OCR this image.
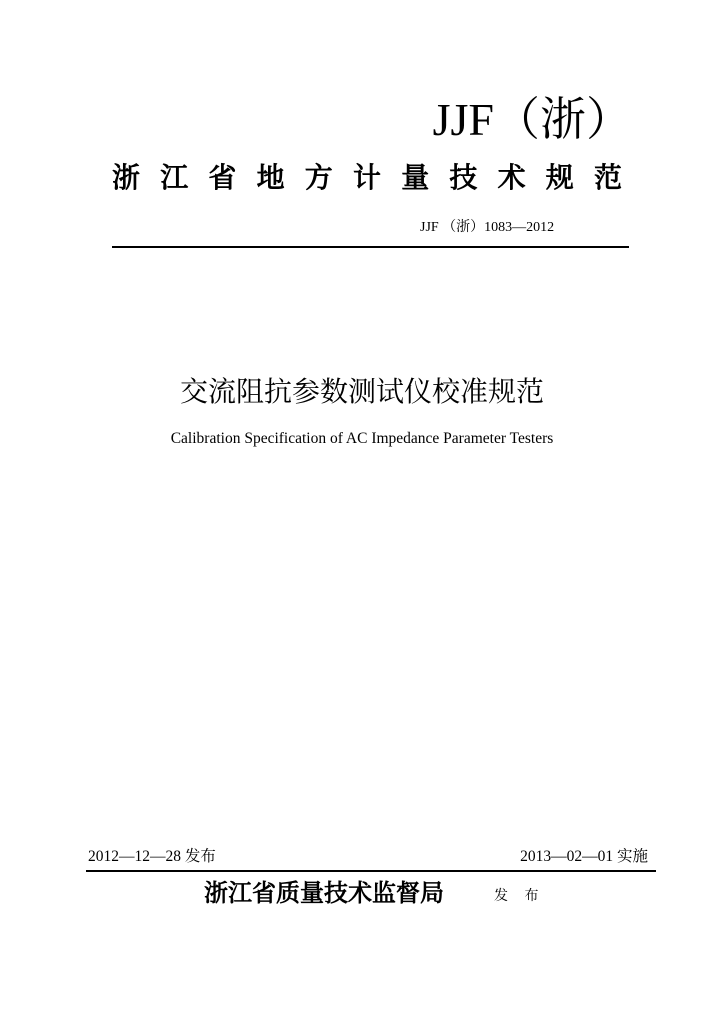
JJF（浙）
浙 江 省 地 方 计 量 技 术 规 范
JJF （浙）1083—2012
交流阻抗参数测试仪校准规范
Calibration Specification of AC Impedance Parameter Testers
2012—12—28 发布	2013—02—01 实施
浙江省质量技术监督局	发 布
